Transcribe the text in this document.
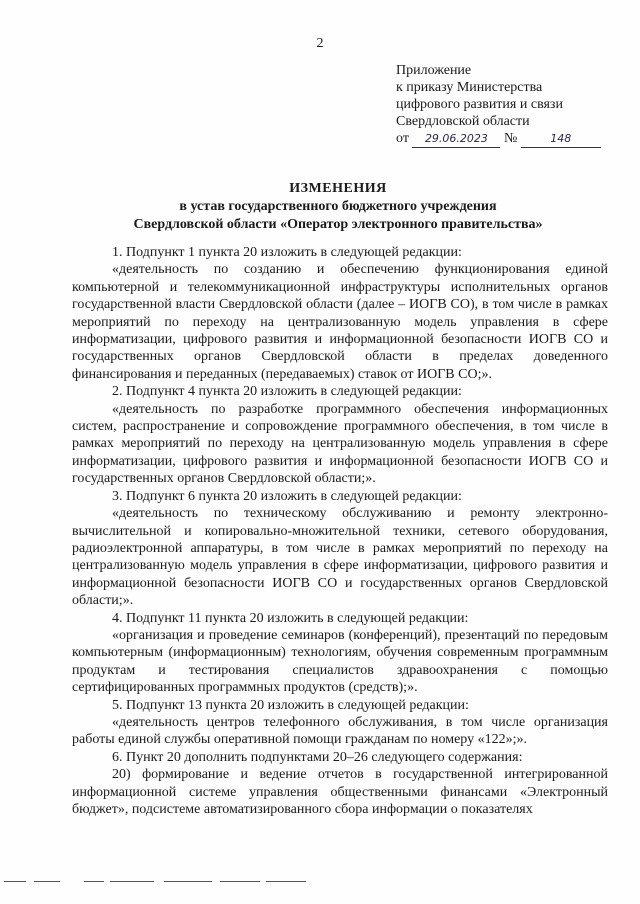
2
Приложение
к приказу Министерства
цифрового развития и связи
Свердловской области
от 29.06.2023 №	148
ИЗМЕНЕНИЯ
в устав государственного бюджетного учреждения
Свердловской области «Оператор электронного правительства»

1. Подпункт 1 пункта 20 изложить в следующей редакции:

«деятельность по созданию и обеспечению функционирования единой компьютерной и телекоммуникационной инфраструктуры исполнительных органов государственной власти Свердловской области (далее – ИОГВ СО), в том числе в рамках мероприятий по переходу на централизованную модель управления в сфере информатизации, цифрового развития и информационной безопасности ИОГВ СО и государственных органов Свердловской области в пределах доведенного финансирования и переданных (передаваемых) ставок от ИОГВ СО;».

2. Подпункт 4 пункта 20 изложить в следующей редакции:

«деятельность по разработке программного обеспечения информационных систем, распространение и сопровождение программного обеспечения, в том числе в рамках мероприятий по переходу на централизованную модель управления в сфере информатизации, цифрового развития и информационной безопасности ИОГВ СО и государственных органов Свердловской области;».

3. Подпункт 6 пункта 20 изложить в следующей редакции:

«деятельность по техническому обслуживанию и ремонту электронно-вычислительной и копировально-множительной техники, сетевого оборудования, радиоэлектронной аппаратуры, в том числе в рамках мероприятий по переходу на централизованную модель управления в сфере информатизации, цифрового развития и информационной безопасности ИОГВ СО и государственных органов Свердловской области;».

4. Подпункт 11 пункта 20 изложить в следующей редакции:

«организация и проведение семинаров (конференций), презентаций по передовым компьютерным (информационным) технологиям, обучения современным программным продуктам и тестирования специалистов здравоохранения с помощью сертифицированных программных продуктов (средств);».

5. Подпункт 13 пункта 20 изложить в следующей редакции:

«деятельность центров телефонного обслуживания, в том числе организация работы единой службы оперативной помощи гражданам по номеру «122»;».

6. Пункт 20 дополнить подпунктами 20–26 следующего содержания:

20) формирование и ведение отчетов в государственной интегрированной информационной системе управления общественными финансами «Электронный бюджет», подсистеме автоматизированного сбора информации о показателях
